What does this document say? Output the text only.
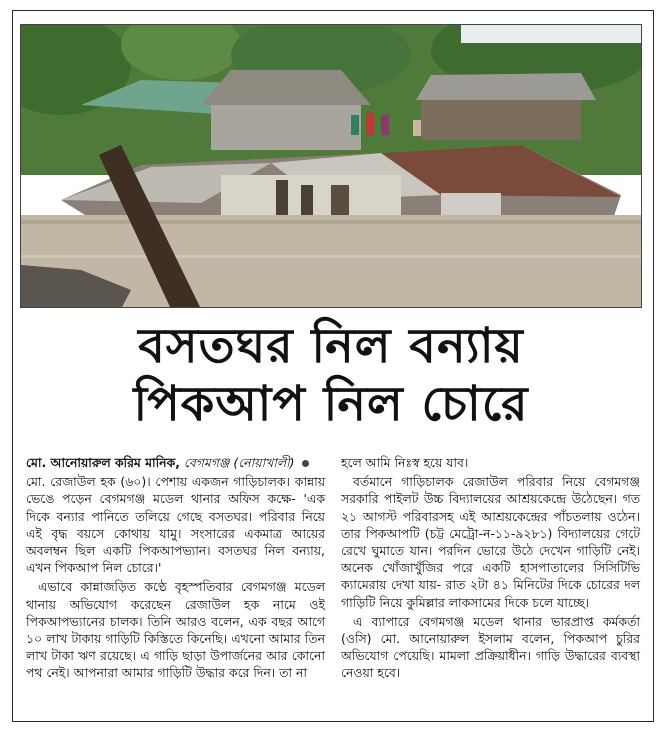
বসতঘর নিল বন্যায়
পিকআপ নিল চোরে

মো. আনোয়ারুল করিম মানিক, বেগমগঞ্জ (নোয়াখালী)

মো. রেজাউল হক (৬০)। পেশায় একজন গাড়িচালক। কান্নায় ভেঙে পড়েন বেগমগঞ্জ মডেল থানার অফিস কক্ষে- 'এক দিকে বন্যার পানিতে তলিয়ে গেছে বসতঘর। পরিবার নিয়ে এই বৃদ্ধ বয়সে কোথায় যামু। সংসারের একমাত্র আয়ের অবলম্বন ছিল একটি পিকআপভ্যান। বসতঘর নিল বন্যায়, এখন পিকআপ নিল চোরে।'

এভাবে কান্নাজড়িত কণ্ঠে বৃহস্পতিবার বেগমগঞ্জ মডেল থানায় অভিযোগ করেছেন রেজাউল হক নামে ওই পিকআপভ্যানের চালক। তিনি আরও বলেন, এক বছর আগে ১০ লাখ টাকায় গাড়িটি কিস্তিতে কিনেছি। এখনো আমার তিন লাখ টাকা ঋণ রয়েছে। এ গাড়ি ছাড়া উপার্জনের আর কোনো পথ নেই। আপনারা আমার গাড়িটি উদ্ধার করে দিন। তা না

হলে আমি নিঃস্ব হয়ে যাব।

বর্তমানে গাড়িচালক রেজাউল পরিবার নিয়ে বেগমগঞ্জ সরকারি পাইলট উচ্চ বিদ্যালয়ের আশ্রয়কেন্দ্রে উঠেছেন। গত ২১ আগস্ট পরিবারসহ এই আশ্রয়কেন্দ্রের পাঁচতলায় ওঠেন। তার পিকআপটি (চট্ট মেট্রো-ন-১১-৯২৮১) বিদ্যালয়ের গেটে রেখে ঘুমাতে যান। পরদিন ভোরে উঠে দেখেন গাড়িটি নেই। অনেক খোঁজাখুঁজির পরে একটি হাসপাতালের সিসিটিভি ক্যামেরায় দেখা যায়- রাত ২টা ৪১ মিনিটের দিকে চোরের দল গাড়িটি নিয়ে কুমিল্লার লাকসামের দিকে চলে যাচ্ছে।

এ ব্যাপারে বেগমগঞ্জ মডেল থানার ভারপ্রাপ্ত কর্মকর্তা (ওসি) মো. আনোয়ারুল ইসলাম বলেন, পিকআপ চুরির অভিযোগ পেয়েছি। মামলা প্রক্রিয়াধীন। গাড়ি উদ্ধারের ব্যবস্থা নেওয়া হবে।
